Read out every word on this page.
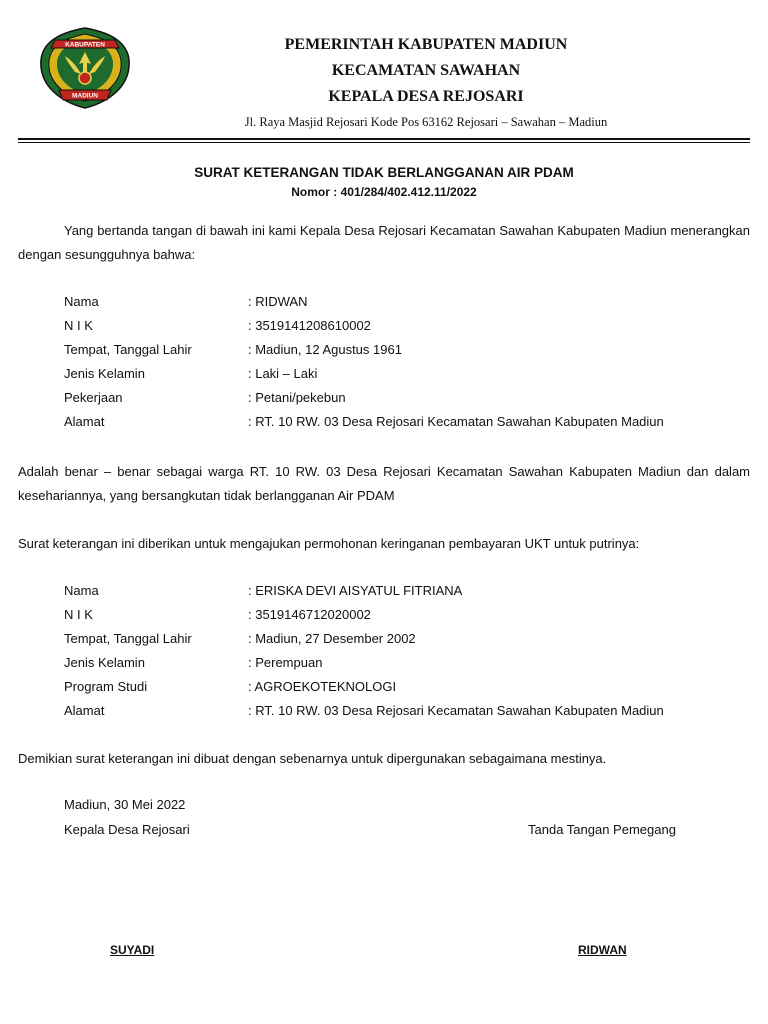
KABUPATEN
MADIUN
PEMERINTAH KABUPATEN MADIUN
KECAMATAN SAWAHAN
KEPALA DESA REJOSARI
Jl. Raya Masjid Rejosari Kode Pos 63162 Rejosari – Sawahan – Madiun
SURAT KETERANGAN TIDAK BERLANGGANAN AIR PDAM
Nomor : 401/284/402.412.11/2022
Yang bertanda tangan di bawah ini kami Kepala Desa Rejosari Kecamatan Sawahan Kabupaten Madiun menerangkan dengan sesungguhnya bahwa:
Nama	: RIDWAN
N I K	: 3519141208610002
Tempat, Tanggal Lahir	: Madiun, 12 Agustus 1961
Jenis Kelamin	: Laki – Laki
Pekerjaan	: Petani/pekebun
Alamat	: RT. 10 RW. 03 Desa Rejosari Kecamatan Sawahan Kabupaten Madiun
Adalah benar – benar sebagai warga RT. 10 RW. 03 Desa Rejosari Kecamatan Sawahan Kabupaten Madiun dan dalam kesehariannya, yang bersangkutan tidak berlangganan Air PDAM
Surat keterangan ini diberikan untuk mengajukan permohonan keringanan pembayaran UKT untuk putrinya:
Nama	: ERISKA DEVI AISYATUL FITRIANA
N I K	: 3519146712020002
Tempat, Tanggal Lahir	: Madiun, 27 Desember 2002
Jenis Kelamin	: Perempuan
Program Studi	: AGROEKOTEKNOLOGI
Alamat	: RT. 10 RW. 03 Desa Rejosari Kecamatan Sawahan Kabupaten Madiun
Demikian surat keterangan ini dibuat dengan sebenarnya untuk dipergunakan sebagaimana mestinya.
Madiun, 30 Mei 2022
Kepala Desa Rejosari	Tanda Tangan Pemegang
SUYADI	RIDWAN
